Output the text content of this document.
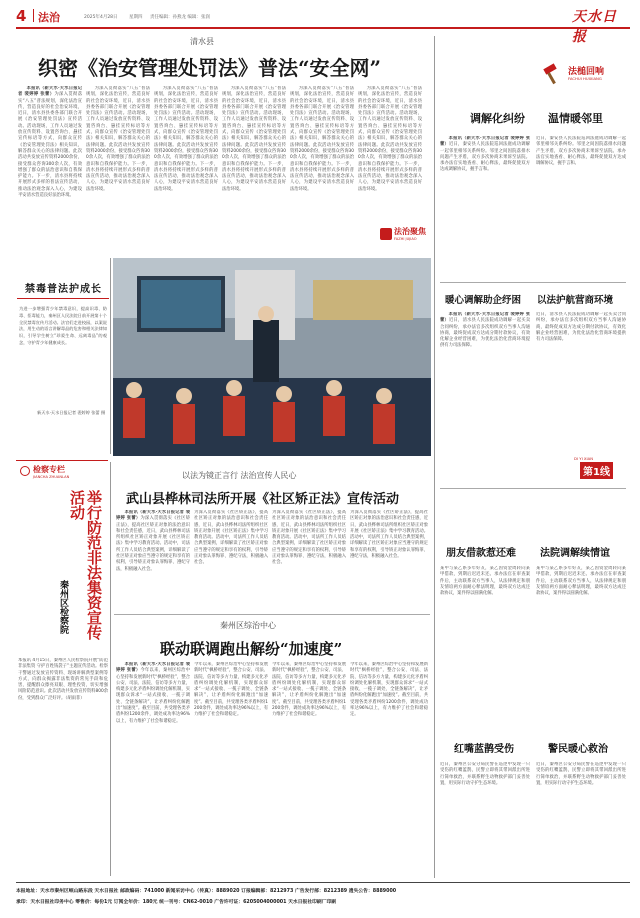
4 法治	2025年4月28日	星期四 责任编辑：孙燕龙 编辑：张润	天水日报
清水县
织密《治安管理处罚法》普法“安全网”

本报讯（新天水·天水日报记者 裴婷婷 张蕾）为深入贯彻落实“八五”普法规划，深化法治宣传，营造良好的社会治安环境，近日，清水县县委各部门联合开展《治安管理处罚法》宣传活动。活动现场，工作人员通过发放宣传资料、设置咨询台、悬挂宣传标语等方式，向群众宣传《治安管理处罚法》相关知识，解答群众关心的法律问题。此次活动共发放宣传资料2000余份，接受群众咨询300余人次，有效增强了群众的法治意识和自我保护能力。下一步，清水县将持续开展形式多样的普法宣传活动，推动法治观念深入人心，为建设平安清水营造良好法治环境。

为深入贯彻落实“八五”普法规划，深化法治宣传，营造良好的社会治安环境，近日，清水县县委各部门联合开展《治安管理处罚法》宣传活动。活动现场，工作人员通过发放宣传资料、设置咨询台、悬挂宣传标语等方式，向群众宣传《治安管理处罚法》相关知识，解答群众关心的法律问题。此次活动共发放宣传资料2000余份，接受群众咨询300余人次，有效增强了群众的法治意识和自我保护能力。下一步，清水县将持续开展形式多样的普法宣传活动，推动法治观念深入人心，为建设平安清水营造良好法治环境。

为深入贯彻落实“八五”普法规划，深化法治宣传，营造良好的社会治安环境，近日，清水县县委各部门联合开展《治安管理处罚法》宣传活动。活动现场，工作人员通过发放宣传资料、设置咨询台、悬挂宣传标语等方式，向群众宣传《治安管理处罚法》相关知识，解答群众关心的法律问题。此次活动共发放宣传资料2000余份，接受群众咨询300余人次，有效增强了群众的法治意识和自我保护能力。下一步，清水县将持续开展形式多样的普法宣传活动，推动法治观念深入人心，为建设平安清水营造良好法治环境。

为深入贯彻落实“八五”普法规划，深化法治宣传，营造良好的社会治安环境，近日，清水县县委各部门联合开展《治安管理处罚法》宣传活动。活动现场，工作人员通过发放宣传资料、设置咨询台、悬挂宣传标语等方式，向群众宣传《治安管理处罚法》相关知识，解答群众关心的法律问题。此次活动共发放宣传资料2000余份，接受群众咨询300余人次，有效增强了群众的法治意识和自我保护能力。下一步，清水县将持续开展形式多样的普法宣传活动，推动法治观念深入人心，为建设平安清水营造良好法治环境。

为深入贯彻落实“八五”普法规划，深化法治宣传，营造良好的社会治安环境，近日，清水县县委各部门联合开展《治安管理处罚法》宣传活动。活动现场，工作人员通过发放宣传资料、设置咨询台、悬挂宣传标语等方式，向群众宣传《治安管理处罚法》相关知识，解答群众关心的法律问题。此次活动共发放宣传资料2000余份，接受群众咨询300余人次，有效增强了群众的法治意识和自我保护能力。下一步，清水县将持续开展形式多样的普法宣传活动，推动法治观念深入人心，为建设平安清水营造良好法治环境。

为深入贯彻落实“八五”普法规划，深化法治宣传，营造良好的社会治安环境，近日，清水县县委各部门联合开展《治安管理处罚法》宣传活动。活动现场，工作人员通过发放宣传资料、设置咨询台、悬挂宣传标语等方式，向群众宣传《治安管理处罚法》相关知识，解答群众关心的法律问题。此次活动共发放宣传资料2000余份，接受群众咨询300余人次，有效增强了群众的法治意识和自我保护能力。下一步，清水县将持续开展形式多样的普法宣传活动，推动法治观念深入人心，为建设平安清水营造良好法治环境。

法治聚焦
FAZHI JUJIAO
禁毒普法护成长
为进一步增强青少年禁毒意识，提高识毒、防毒、拒毒能力，秦州区人民法院日前开展第十个全民禁毒宣传月活动。法官们走进校园，以案说法，用生动的语言讲解毒品的危害和相关法律知识，引导学生树立“珍爱生命、远离毒品”的观念，守护青少年健康成长。
新天水·天水日报记者 裴婷婷 张蕾 摄
法槌回响
FACHUI HUIXIANG
调解化纠纷 温情暖邻里

本报讯（新天水·天水日报记者 裴婷婷 张蕾）近日，秦安县人民法院巡回法庭成功调解一起邻里相邻关系纠纷。邻里之间因院落排水问题产生矛盾，双方多次协商未果诉至法院。承办法官实地查看、耐心释法，最终促使双方达成调解协议，握手言和。

近日，秦安县人民法院巡回法庭成功调解一起邻里相邻关系纠纷。邻里之间因院落排水问题产生矛盾，双方多次协商未果诉至法院。承办法官实地查看、耐心释法，最终促使双方达成调解协议，握手言和。
暖心调解助企纾困 以法护航营商环境

本报讯（新天水·天水日报记者 裴婷婷 张蕾）近日，清水县人民法院成功调解一起买卖合同纠纷，承办法官多次组织双方当事人沟通协商，最终促成双方达成分期付款协议，有效化解企业经营困难，为优化法治化营商环境提供有力司法保障。

近日，清水县人民法院成功调解一起买卖合同纠纷，承办法官多次组织双方当事人沟通协商，最终促成双方达成分期付款协议，有效化解企业经营困难，为优化法治化营商环境提供有力司法保障。
DI YI XIAN
第1线
朋友借款惹还难 法院调解续情谊
某甲与某乙系多年好友，某乙因资金周转向某甲借款，到期后迟迟未还。承办法官在审查案件后，主动联系双方当事人，从法律规定和朋友情谊两方面耐心释法明理，最终双方达成还款协议，案件得以圆满化解。
某甲与某乙系多年好友，某乙因资金周转向某甲借款，到期后迟迟未还。承办法官在审查案件后，主动联系双方当事人，从法律规定和朋友情谊两方面耐心释法明理，最终双方达成还款协议，案件得以圆满化解。
红嘴蓝鹊受伤	警民暖心救治
近日，秦州区公安分局民警在巡逻中发现一只受伤的红嘴蓝鹊，民警立即将其带回派出所进行简单救治，并联系野生动物救护部门妥善处置，用实际行动守护生态环境。
近日，秦州区公安分局民警在巡逻中发现一只受伤的红嘴蓝鹊，民警立即将其带回派出所进行简单救治，并联系野生动物救护部门妥善处置，用实际行动守护生态环境。
检察专栏
JIANCHA ZHUANLAN
举行防范非法集资宣传活动
秦州区检察院
本报讯 4月15日，秦州区人民检察院开展“防范非法集资 守护百姓钱袋子”主题宣传活动。检察干警通过发放宣传资料、现场讲解典型案例等方式，向群众揭露非法集资的常见手段和危害，提醒群众擦亮双眼、理性投资，切实增强风险防范意识。此次活动共发放宣传资料800余份，受到群众广泛好评。（胡雨菲）
以法为镜正言行 法治宣传人民心
武山县桦林司法所开展《社区矫正法》宣传活动

本报讯（新天水·天水日报记者 裴婷婷 张蕾）为深入贯彻落实《社区矫正法》，提高社区矫正对象的法治意识和社会责任感，近日，武山县桦林司法所组织社区矫正对象开展《社区矫正法》集中学习教育活动。活动中，司法所工作人员结合典型案例，详细解读了社区矫正对象应当遵守的规定和享有的权利，引导矫正对象认罪悔罪、遵纪守法，积极融入社会。

为深入贯彻落实《社区矫正法》，提高社区矫正对象的法治意识和社会责任感，近日，武山县桦林司法所组织社区矫正对象开展《社区矫正法》集中学习教育活动。活动中，司法所工作人员结合典型案例，详细解读了社区矫正对象应当遵守的规定和享有的权利，引导矫正对象认罪悔罪、遵纪守法，积极融入社会。
为深入贯彻落实《社区矫正法》，提高社区矫正对象的法治意识和社会责任感，近日，武山县桦林司法所组织社区矫正对象开展《社区矫正法》集中学习教育活动。活动中，司法所工作人员结合典型案例，详细解读了社区矫正对象应当遵守的规定和享有的权利，引导矫正对象认罪悔罪、遵纪守法，积极融入社会。
为深入贯彻落实《社区矫正法》，提高社区矫正对象的法治意识和社会责任感，近日，武山县桦林司法所组织社区矫正对象开展《社区矫正法》集中学习教育活动。活动中，司法所工作人员结合典型案例，详细解读了社区矫正对象应当遵守的规定和享有的权利，引导矫正对象认罪悔罪、遵纪守法，积极融入社会。
秦州区综治中心
联动联调跑出解纷“加速度”

本报讯（新天水·天水日报记者 裴婷婷 张蕾）今年以来，秦州区综治中心坚持和发展新时代“枫桥经验”，整合公安、司法、法院、信访等多方力量，构建多元化矛盾纠纷调处化解机制，实现群众诉求“一站式接收、一揽子调处、全链条解决”，让矛盾纠纷化解跑出“加速度”。截至目前，共受理各类矛盾纠纷1200余件，调处成功率达96%以上，有力维护了社会和谐稳定。

今年以来，秦州区综治中心坚持和发展新时代“枫桥经验”，整合公安、司法、法院、信访等多方力量，构建多元化矛盾纠纷调处化解机制，实现群众诉求“一站式接收、一揽子调处、全链条解决”，让矛盾纠纷化解跑出“加速度”。截至目前，共受理各类矛盾纠纷1200余件，调处成功率达96%以上，有力维护了社会和谐稳定。
今年以来，秦州区综治中心坚持和发展新时代“枫桥经验”，整合公安、司法、法院、信访等多方力量，构建多元化矛盾纠纷调处化解机制，实现群众诉求“一站式接收、一揽子调处、全链条解决”，让矛盾纠纷化解跑出“加速度”。截至目前，共受理各类矛盾纠纷1200余件，调处成功率达96%以上，有力维护了社会和谐稳定。
今年以来，秦州区综治中心坚持和发展新时代“枫桥经验”，整合公安、司法、法院、信访等多方力量，构建多元化矛盾纠纷调处化解机制，实现群众诉求“一站式接收、一揽子调处、全链条解决”，让矛盾纠纷化解跑出“加速度”。截至目前，共受理各类矛盾纠纷1200余件，调处成功率达96%以上，有力维护了社会和谐稳定。
本报地址：天水市秦州区岷山路东段 天水日报社 邮政编码：741000 新闻采访中心（传真）：8889020 订报编辑部：8212973 广告发行部：8212389 遗失公告：8889000
承印：天水日报社印务中心 零售价：每份1元 订阅全年价：180元 统一刊号：CN62-0010 广告许可证：6205004000001 天水日报社印刷厂印刷
